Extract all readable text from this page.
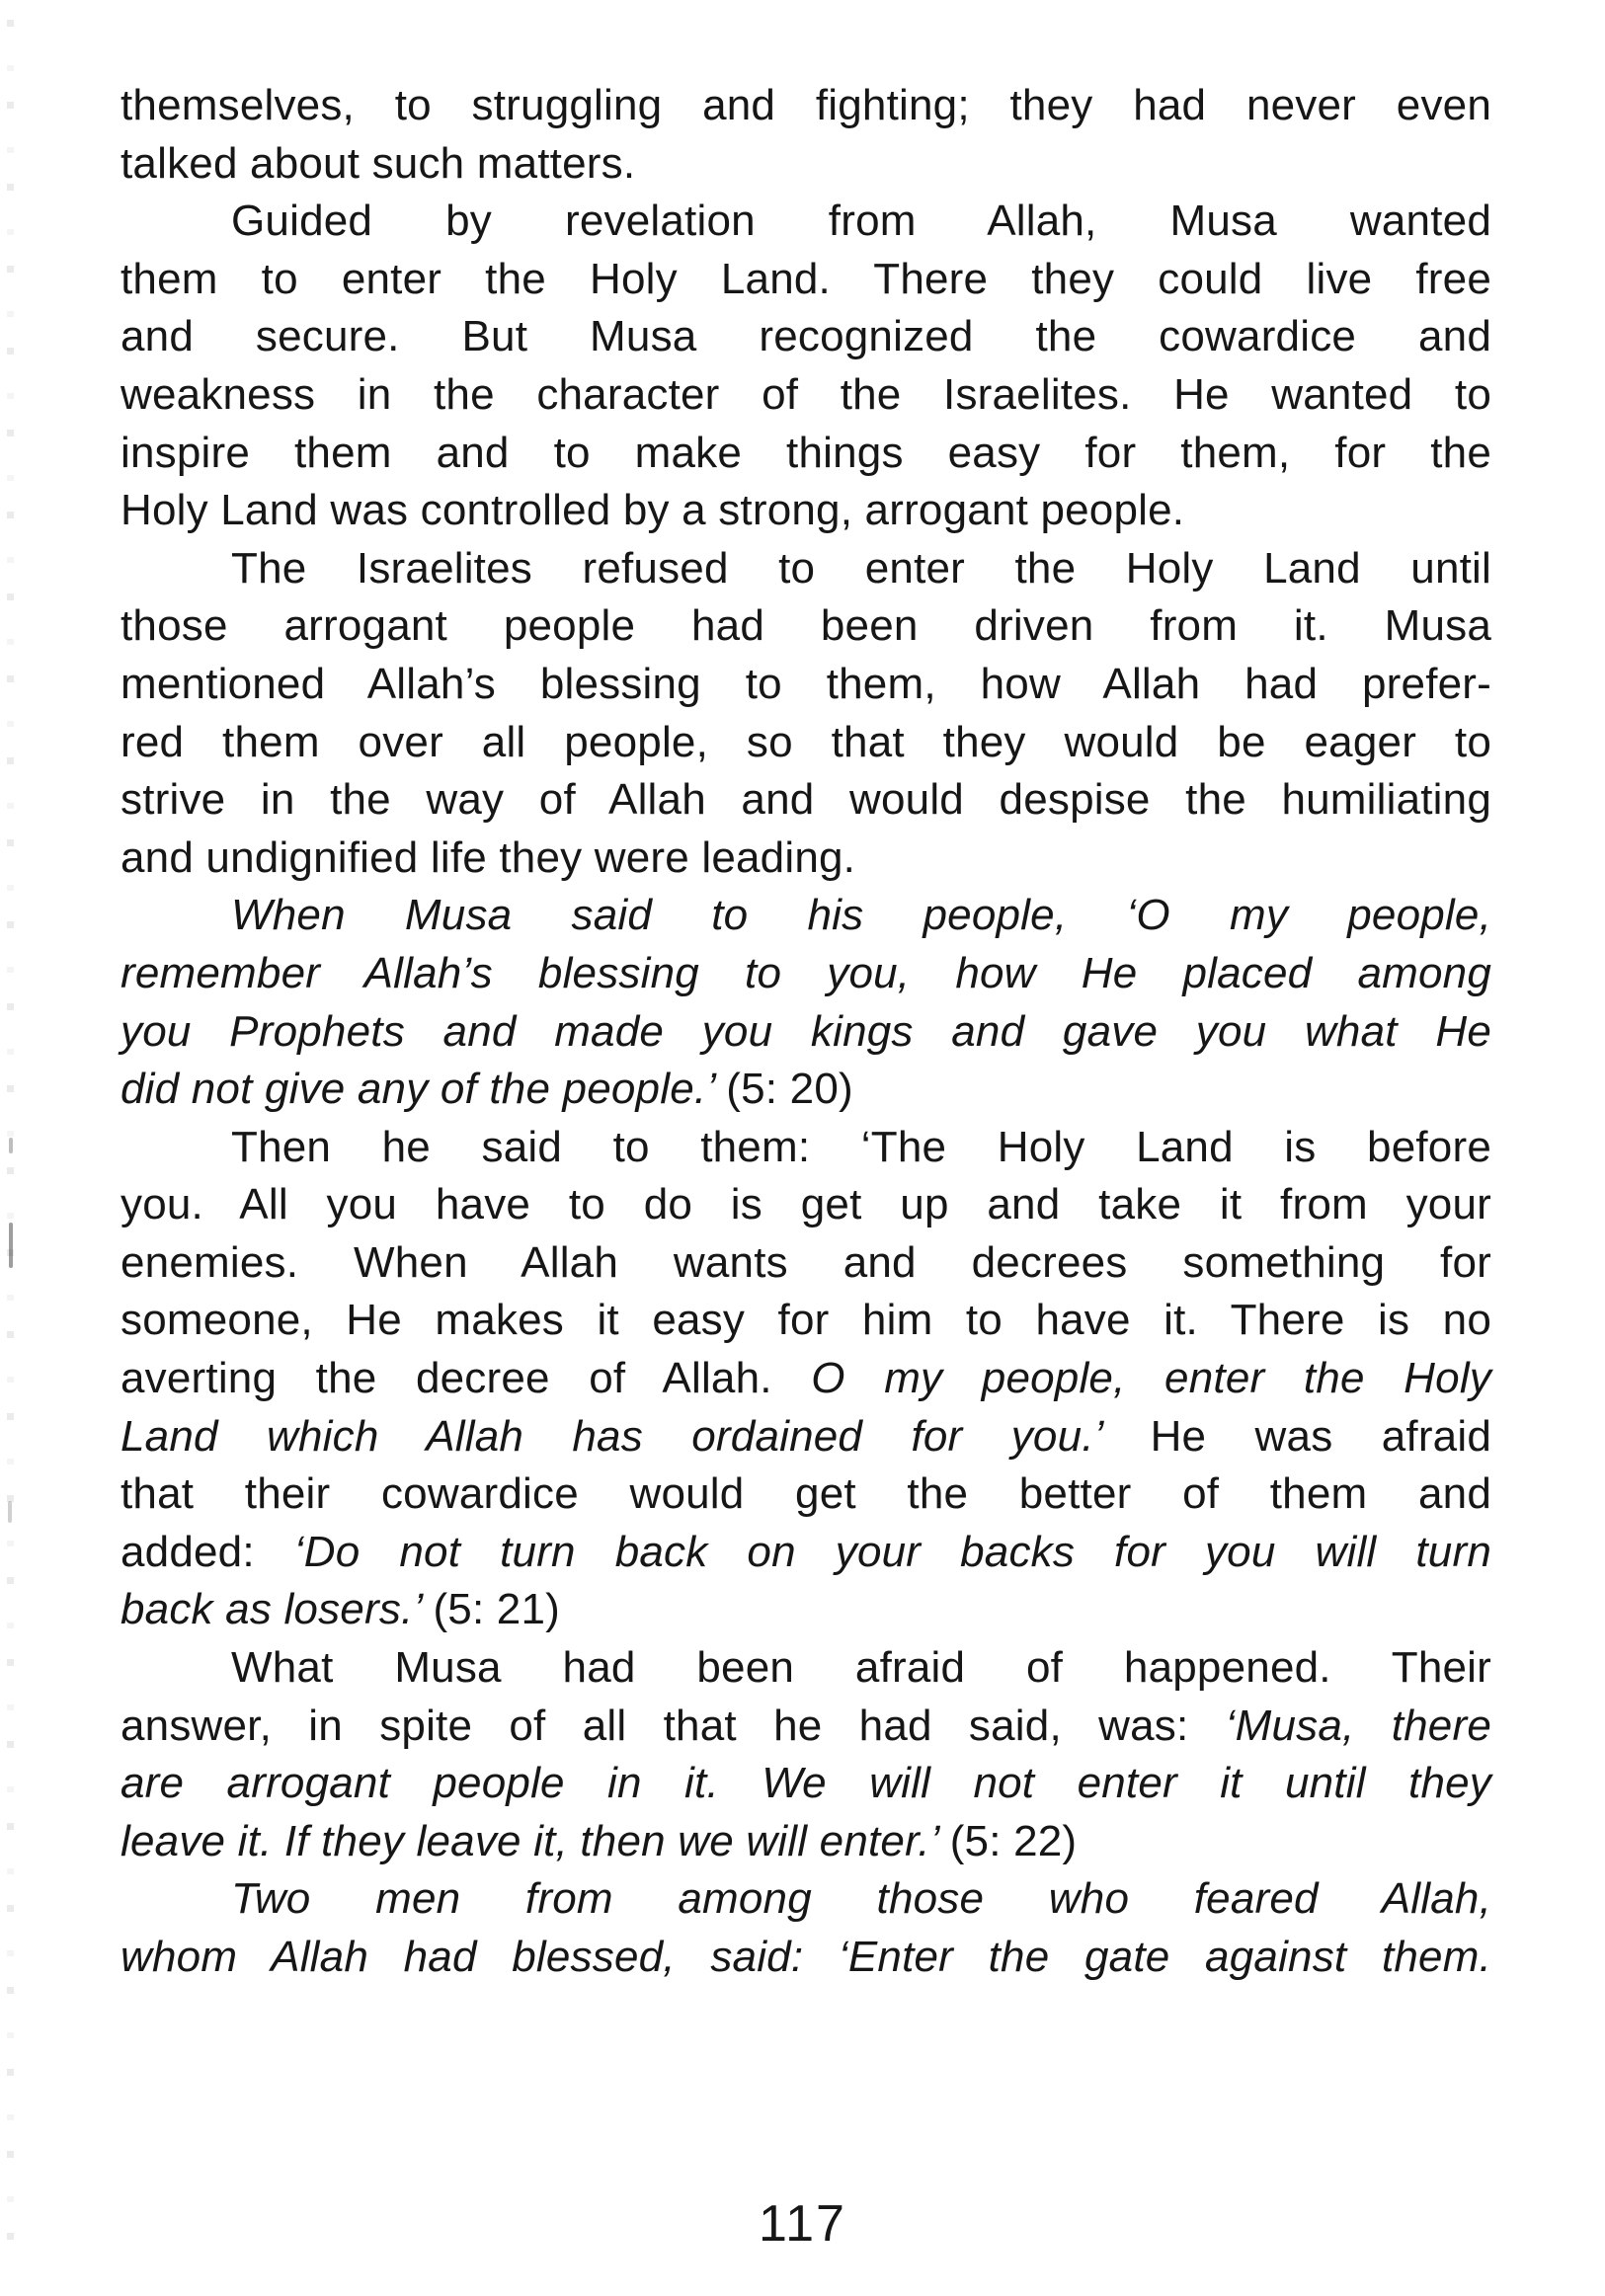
themselves, to struggling and fighting; they had never even
talked about such matters.
Guided by revelation from Allah, Musa wanted
them to enter the Holy Land. There they could live free
and secure. But Musa recognized the cowardice and
weakness in the character of the Israelites. He wanted to
inspire them and to make things easy for them, for the
Holy Land was controlled by a strong, arrogant people.
The Israelites refused to enter the Holy Land until
those arrogant people had been driven from it. Musa
mentioned Allah’s blessing to them, how Allah had prefer-
red them over all people, so that they would be eager to
strive in the way of Allah and would despise the humiliating
and undignified life they were leading.
When Musa said to his people, ‘O my people,
remember Allah’s blessing to you, how He placed among
you Prophets and made you kings and gave you what He
did not give any of the people.’ (5: 20)
Then he said to them: ‘The Holy Land is before
you. All you have to do is get up and take it from your
enemies. When Allah wants and decrees something for
someone, He makes it easy for him to have it. There is no
averting the decree of Allah. O my people, enter the Holy
Land which Allah has ordained for you.’ He was afraid
that their cowardice would get the better of them and
added: ‘Do not turn back on your backs for you will turn
back as losers.’ (5: 21)
What Musa had been afraid of happened. Their
answer, in spite of all that he had said, was: ‘Musa, there
are arrogant people in it. We will not enter it until they
leave it. If they leave it, then we will enter.’ (5: 22)
Two men from among those who feared Allah,
whom Allah had blessed, said: ‘Enter the gate against them.
117
